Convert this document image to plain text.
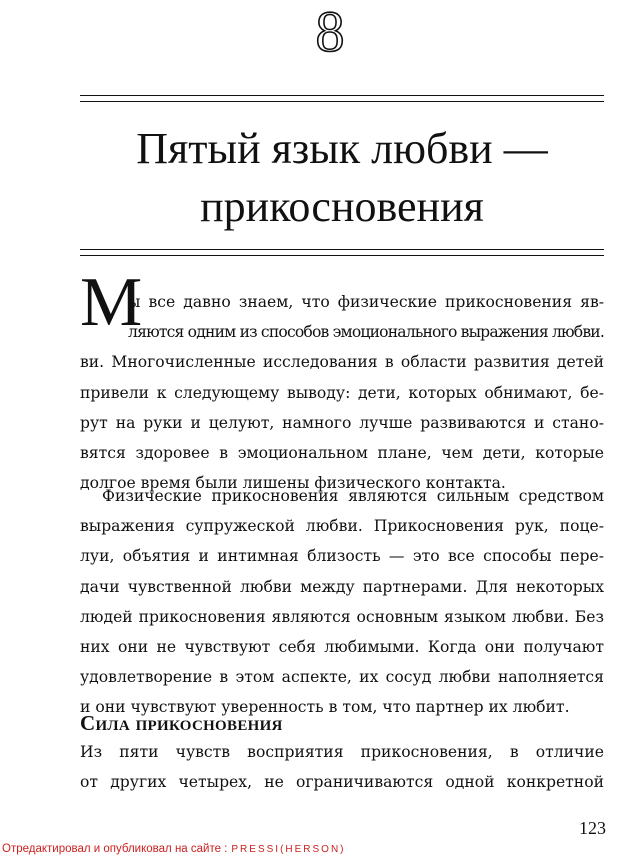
8
Пятый язык любви —
прикосновения
М
ы все давно знаем, что физические прикосновения яв-
ляются одним из способов эмоционального выражения любви.
ви. Многочисленные исследования в области развития детей
привели к следующему выводу: дети, которых обнимают, бе-
рут на руки и целуют, намного лучше развиваются и стано-
вятся здоровее в эмоциональном плане, чем дети, которые
долгое время были лишены физического контакта.
Физические прикосновения являются сильным средством
выражения супружеской любви. Прикосновения рук, поце-
луи, объятия и интимная близость — это все способы пере-
дачи чувственной любви между партнерами. Для некоторых
людей прикосновения являются основным языком любви. Без
них они не чувствуют себя любимыми. Когда они получают
удовлетворение в этом аспекте, их сосуд любви наполняется
и они чувствуют уверенность в том, что партнер их любит.
Сила прикосновения
Из пяти чувств восприятия прикосновения, в отличие
от других четырех, не ограничиваются одной конкретной
123
Отредактировал и опубликовал на сайте : PRESSI(HERSON)
